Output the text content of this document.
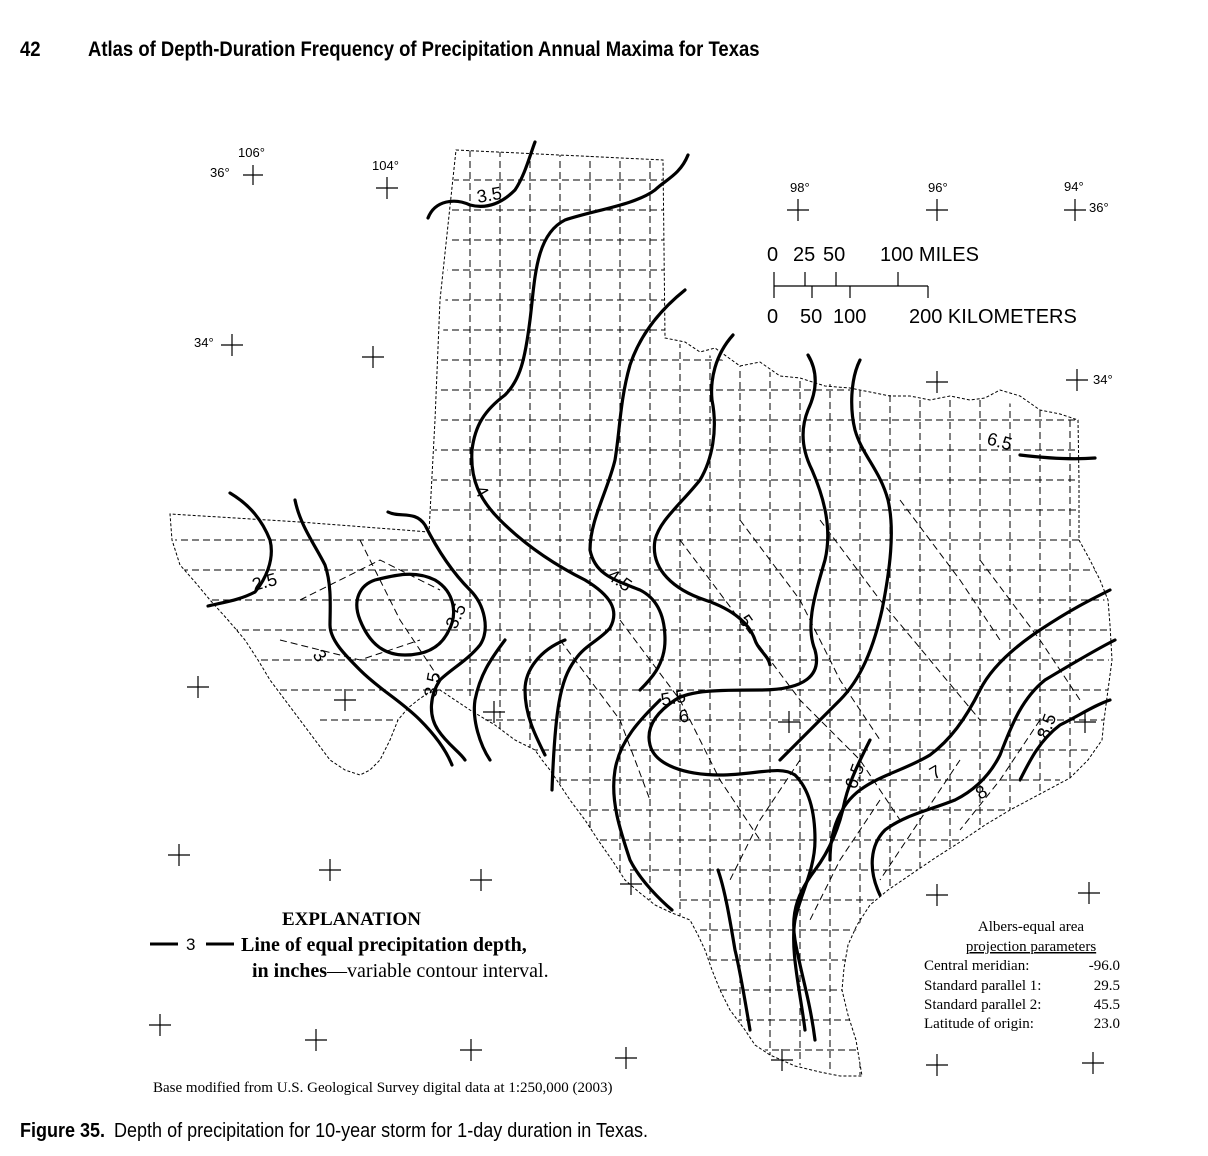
42	Atlas of Depth-Duration Frequency of Precipitation Annual Maxima for Texas
106°
36°	104°
34°
98°	96°	94°
36°
34°
0 25 50 100 MILES
0 50 100 200 KILOMETERS
3.5
4
4.5
5
2.5
3
3.5
3.5	5.5
6
6.5
6.5	7
8
8.5
EXPLANATION
3 Line of equal precipitation depth,
in inches—variable contour interval.
Albers-equal area
projection parameters
Central meridian:	-96.0
Standard parallel 1:	29.5
Standard parallel 2:	45.5
Latitude of origin:	23.0
Base modified from U.S. Geological Survey digital data at 1:250,000 (2003)
Figure 35. Depth of precipitation for 10-year storm for 1-day duration in Texas.
